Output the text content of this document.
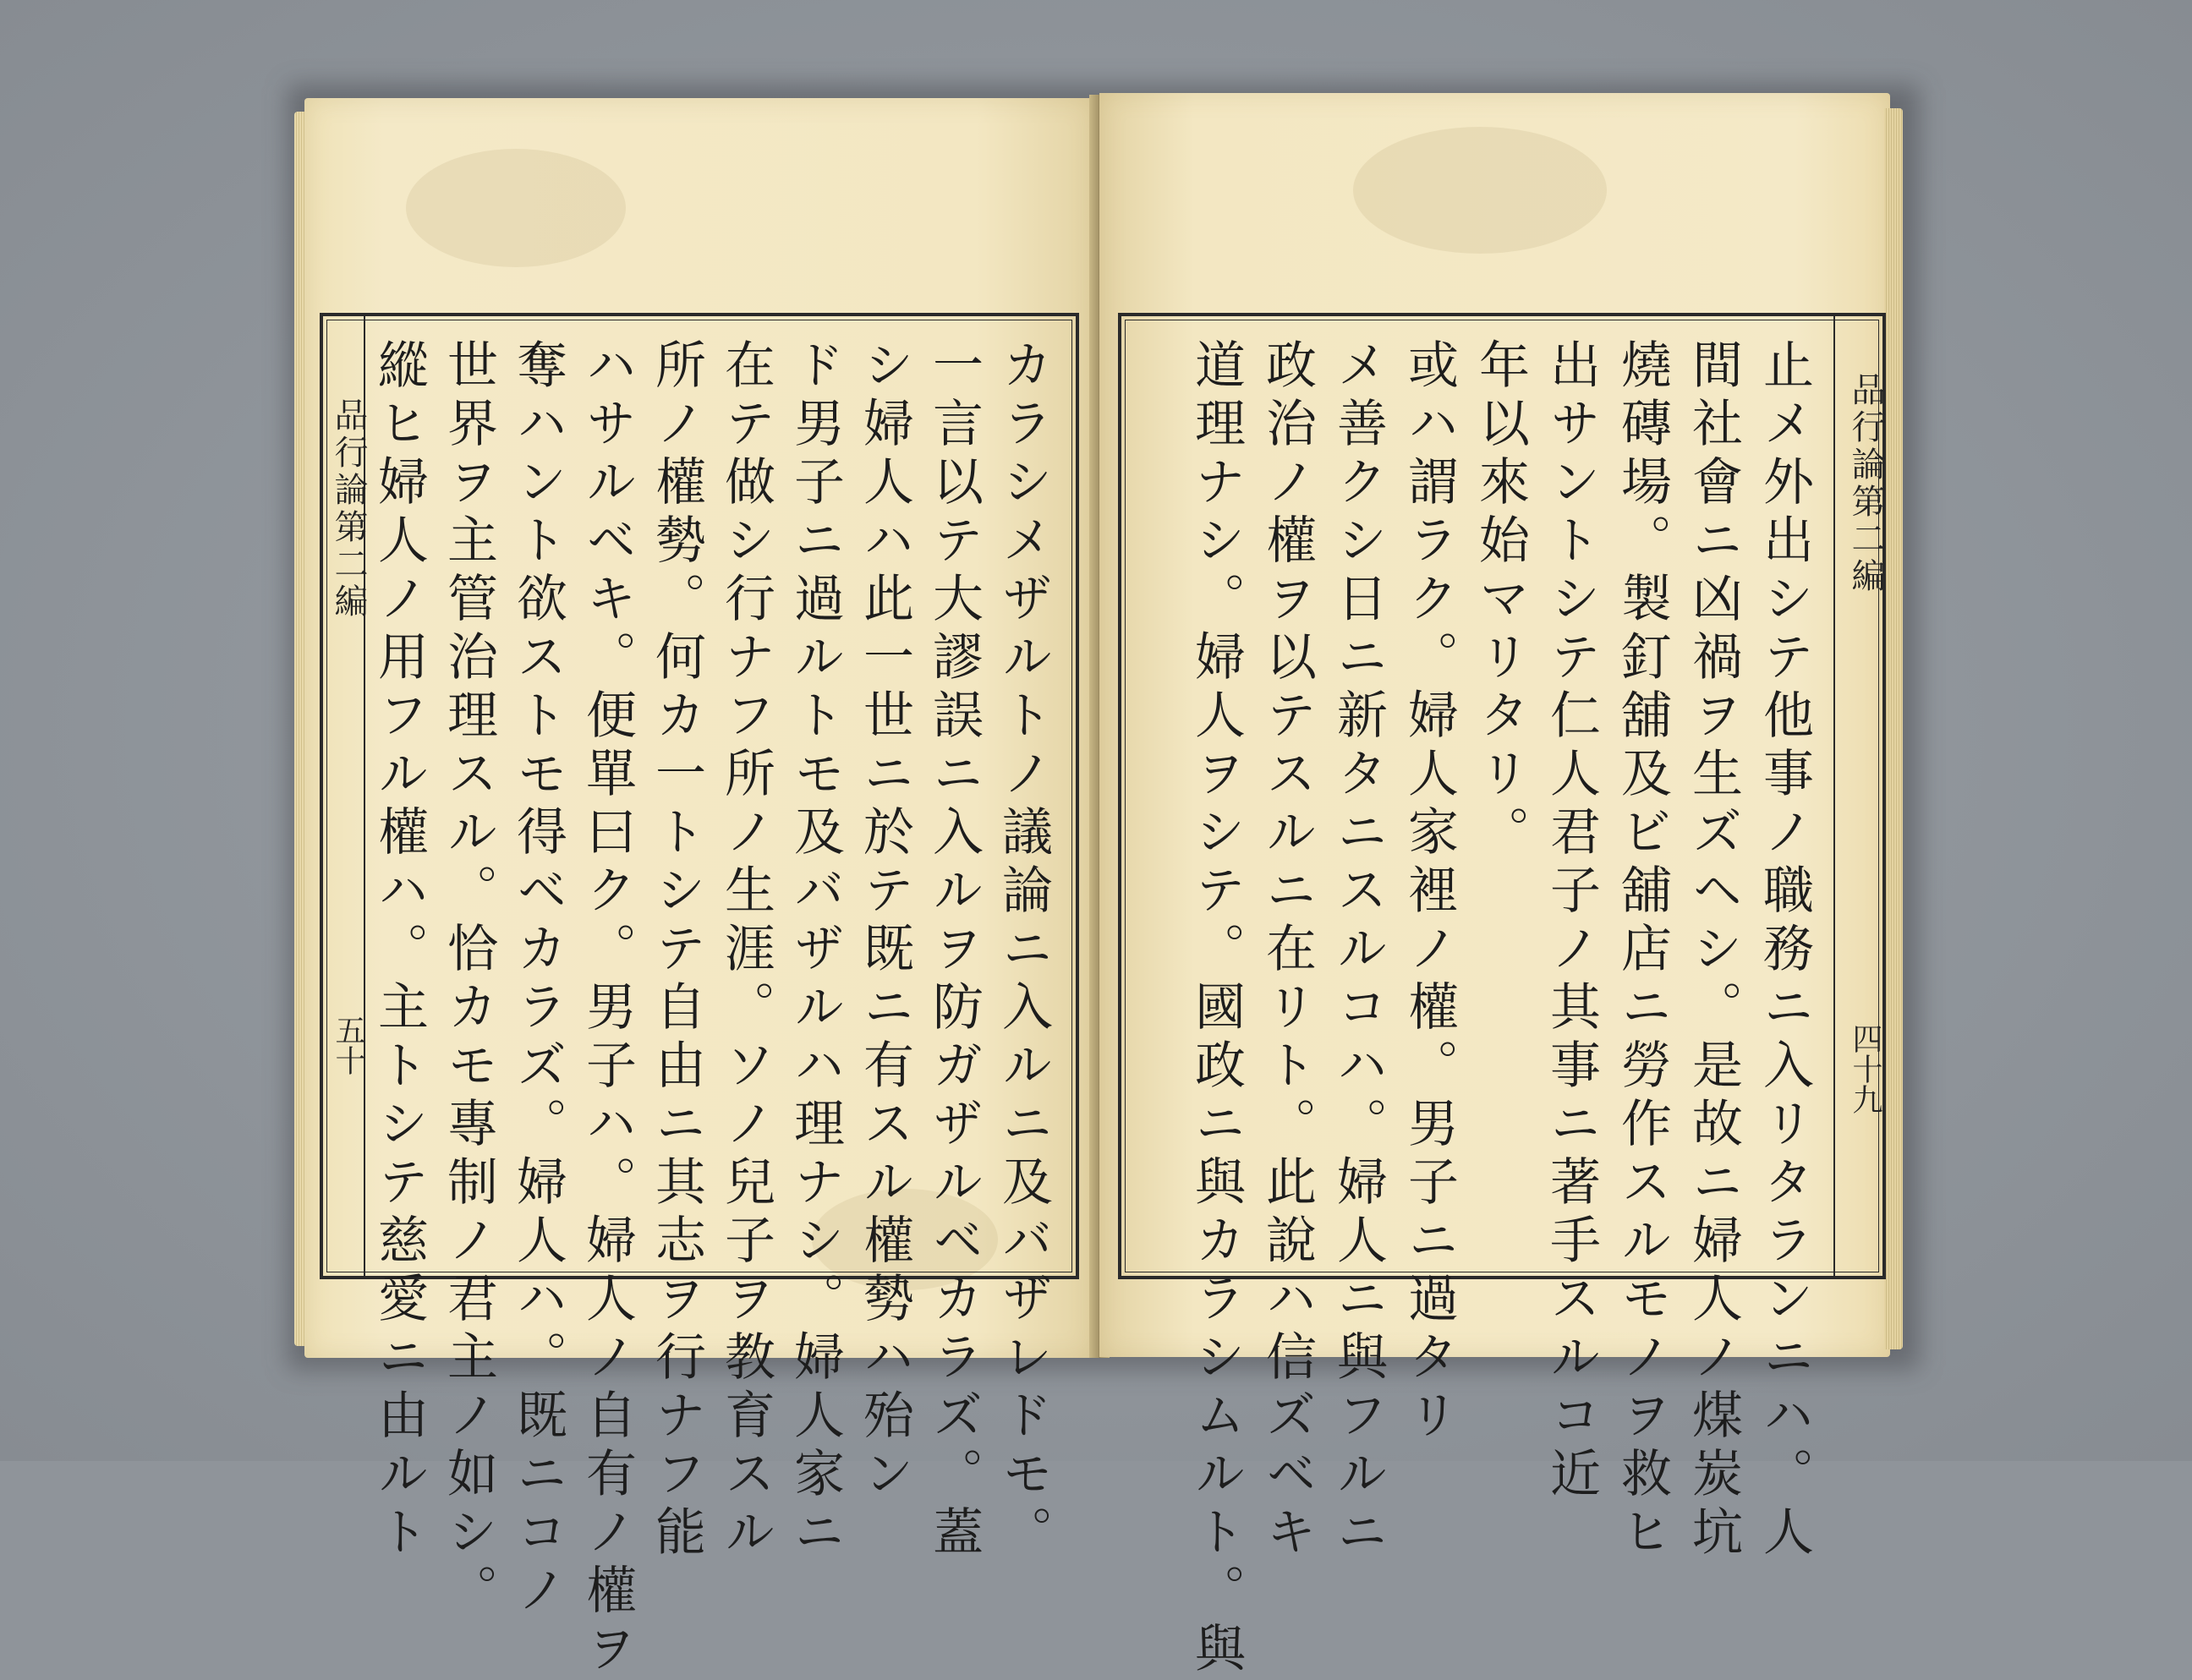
品行論第二編
五十	カラシメザルトノ議論ニ入ルニ及バザレドモ。
一言以テ大謬誤ニ入ルヲ防ガザルベカラズ。蓋
シ婦人ハ此一世ニ於テ既ニ有スル權勢ハ殆ン
ド男子ニ過ルトモ及バザルハ理ナシ。婦人家ニ
在テ做シ行ナフ所ノ生涯。ソノ兒子ヲ教育スル
所ノ權勢。何カ一トシテ自由ニ其志ヲ行ナフ能
ハサルベキ。便單曰ク。男子ハ。婦人ノ自有ノ權ヲ
奪ハント欲ストモ得ベカラズ。婦人ハ。既ニコノ
世界ヲ主管治理スル。恰カモ專制ノ君主ノ如シ。
縱ヒ婦人ノ用フル權ハ。主トシテ慈愛ニ由ルト	品行論第二編
四十九
止メ外出シテ他事ノ職務ニ入リタランニハ。人
間社會ニ凶禍ヲ生ズヘシ。是故ニ婦人ノ煤炭坑
燒磚場。製釘舖及ビ舖店ニ勞作スルモノヲ救ヒ
出サントシテ仁人君子ノ其事ニ著手スルコ近
年以來始マリタリ。
或ハ謂ラク。婦人家裡ノ權。男子ニ過タリ
メ善クシ日ニ新タニスルコハ。婦人ニ與フルニ
政治ノ權ヲ以テスルニ在リト。此說ハ信ズベキ
道理ナシ。婦人ヲシテ。國政ニ與カラシムルト。與
